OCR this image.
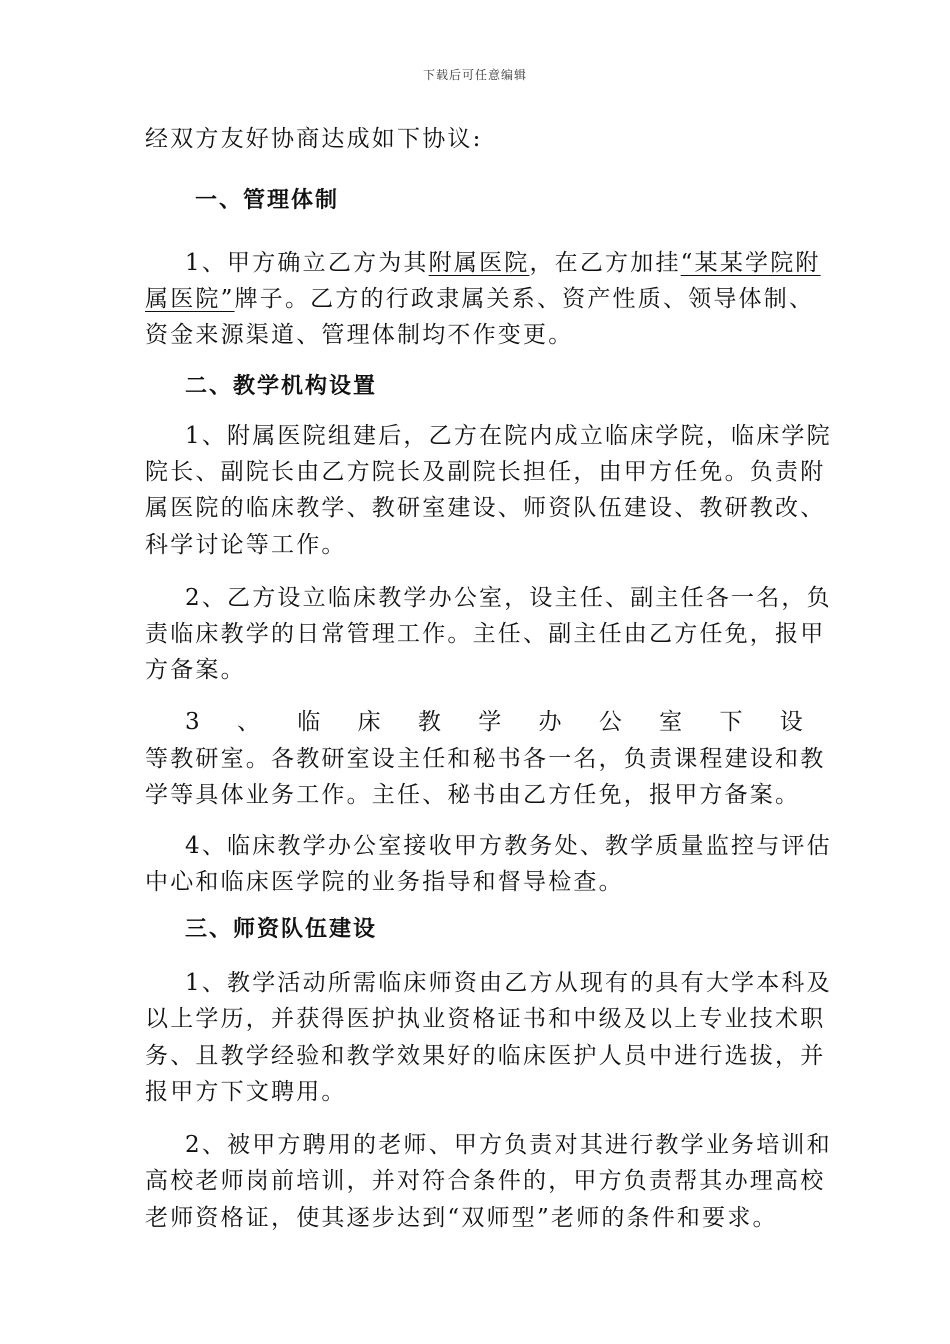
下载后可任意编辑
经双方友好协商达成如下协议:
一、管理体制
1、甲方确立乙方为其附属医院，在乙方加挂“某某学院附
属医院”牌子。乙方的行政隶属关系、资产性质、领导体制、
资金来源渠道、管理体制均不作变更。
二、教学机构设置
1、附属医院组建后，乙方在院内成立临床学院，临床学院
院长、副院长由乙方院长及副院长担任，由甲方任免。负责附
属医院的临床教学、教研室建设、师资队伍建设、教研教改、
科学讨论等工作。
2、乙方设立临床教学办公室，设主任、副主任各一名，负
责临床教学的日常管理工作。主任、副主任由乙方任免，报甲
方备案。
3 、 临 床 教 学 办 公 室 下 设
等教研室。各教研室设主任和秘书各一名，负责课程建设和教
学等具体业务工作。主任、秘书由乙方任免，报甲方备案。
4、临床教学办公室接收甲方教务处、教学质量监控与评估
中心和临床医学院的业务指导和督导检查。
三、师资队伍建设
1、教学活动所需临床师资由乙方从现有的具有大学本科及
以上学历，并获得医护执业资格证书和中级及以上专业技术职
务、且教学经验和教学效果好的临床医护人员中进行选拔，并
报甲方下文聘用。
2、被甲方聘用的老师、甲方负责对其进行教学业务培训和
高校老师岗前培训，并对符合条件的，甲方负责帮其办理高校
老师资格证，使其逐步达到“双师型”老师的条件和要求。
